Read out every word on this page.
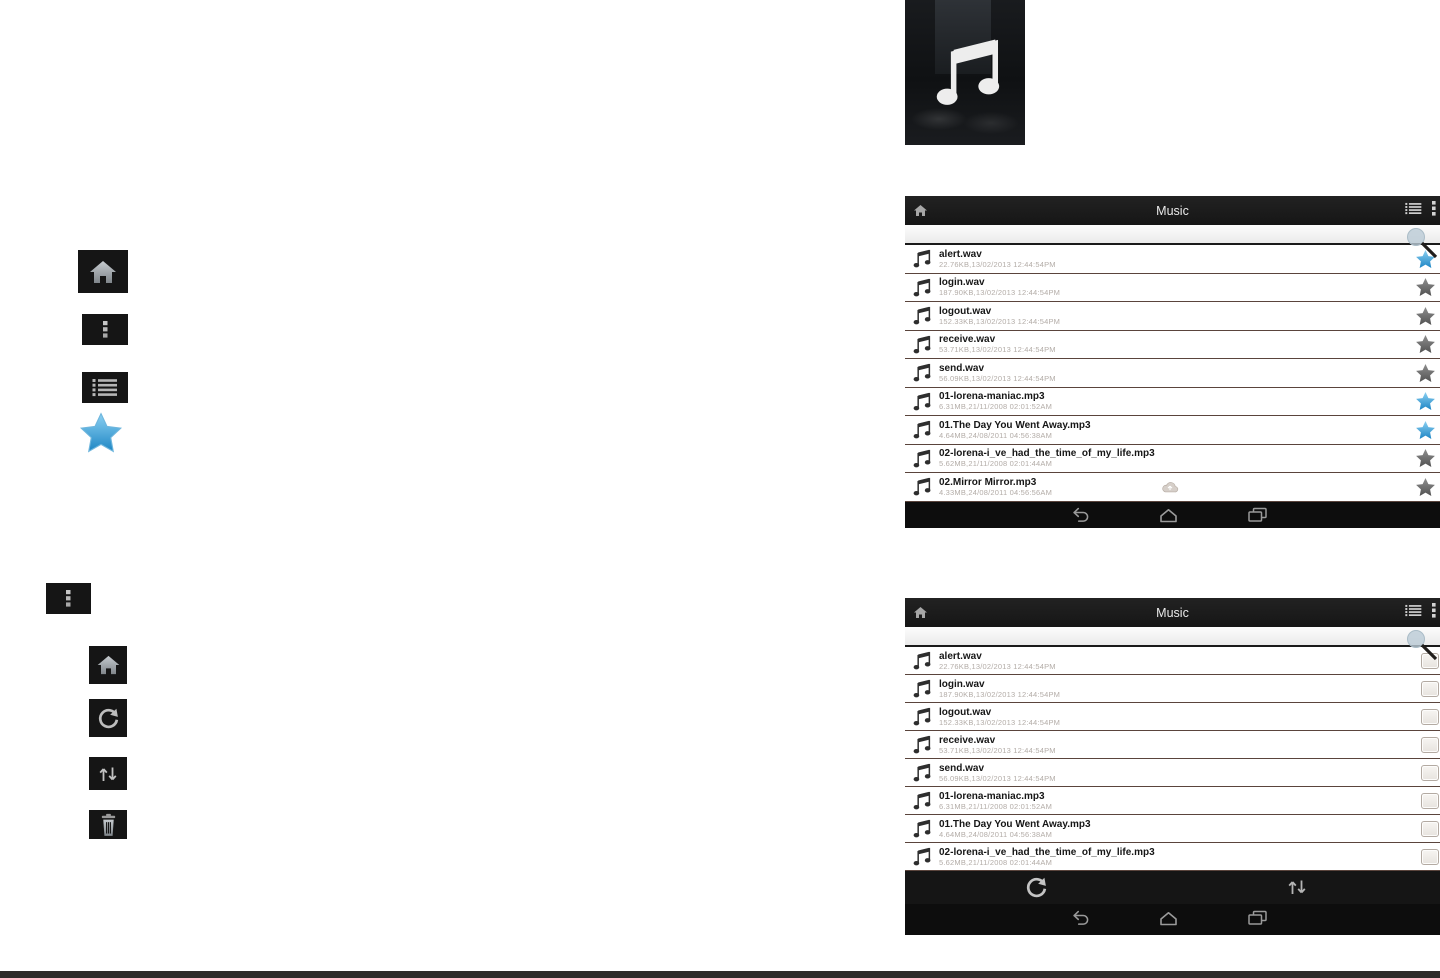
Music
alert.wav
22.76KB,13/02/2013 12:44:54PM
login.wav
187.90KB,13/02/2013 12:44:54PM
logout.wav
152.33KB,13/02/2013 12:44:54PM
receive.wav
53.71KB,13/02/2013 12:44:54PM
send.wav
56.09KB,13/02/2013 12:44:54PM
01-lorena-maniac.mp3
6.31MB,21/11/2008 02:01:52AM
01.The Day You Went Away.mp3
4.64MB,24/08/2011 04:56:38AM
02-lorena-i_ve_had_the_time_of_my_life.mp3
5.62MB,21/11/2008 02:01:44AM
02.Mirror Mirror.mp3
4.33MB,24/08/2011 04:56:56AM
Music
alert.wav
22.76KB,13/02/2013 12:44:54PM
login.wav
187.90KB,13/02/2013 12:44:54PM
logout.wav
152.33KB,13/02/2013 12:44:54PM
receive.wav
53.71KB,13/02/2013 12:44:54PM
send.wav
56.09KB,13/02/2013 12:44:54PM
01-lorena-maniac.mp3
6.31MB,21/11/2008 02:01:52AM
01.The Day You Went Away.mp3
4.64MB,24/08/2011 04:56:38AM
02-lorena-i_ve_had_the_time_of_my_life.mp3
5.62MB,21/11/2008 02:01:44AM
